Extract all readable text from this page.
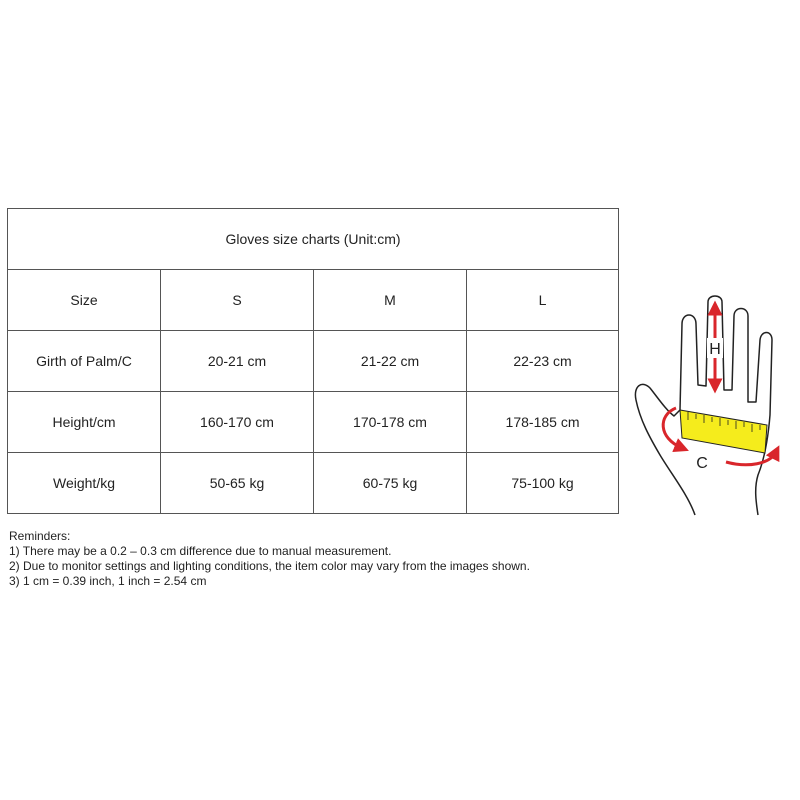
Gloves size charts (Unit:cm)			
Size	S	M	L
Girth of Palm/C	20-21 cm	21-22 cm	22-23 cm
Height/cm	160-170 cm	170-178 cm	178-185 cm
Weight/kg	50-65 kg	60-75 kg	75-100 kg
Reminders:
1) There may be a 0.2 – 0.3 cm difference due to manual measurement.
2) Due to monitor settings and lighting conditions, the item color may vary from the images shown.
3) 1 cm = 0.39 inch, 1 inch = 2.54 cm
H
C
